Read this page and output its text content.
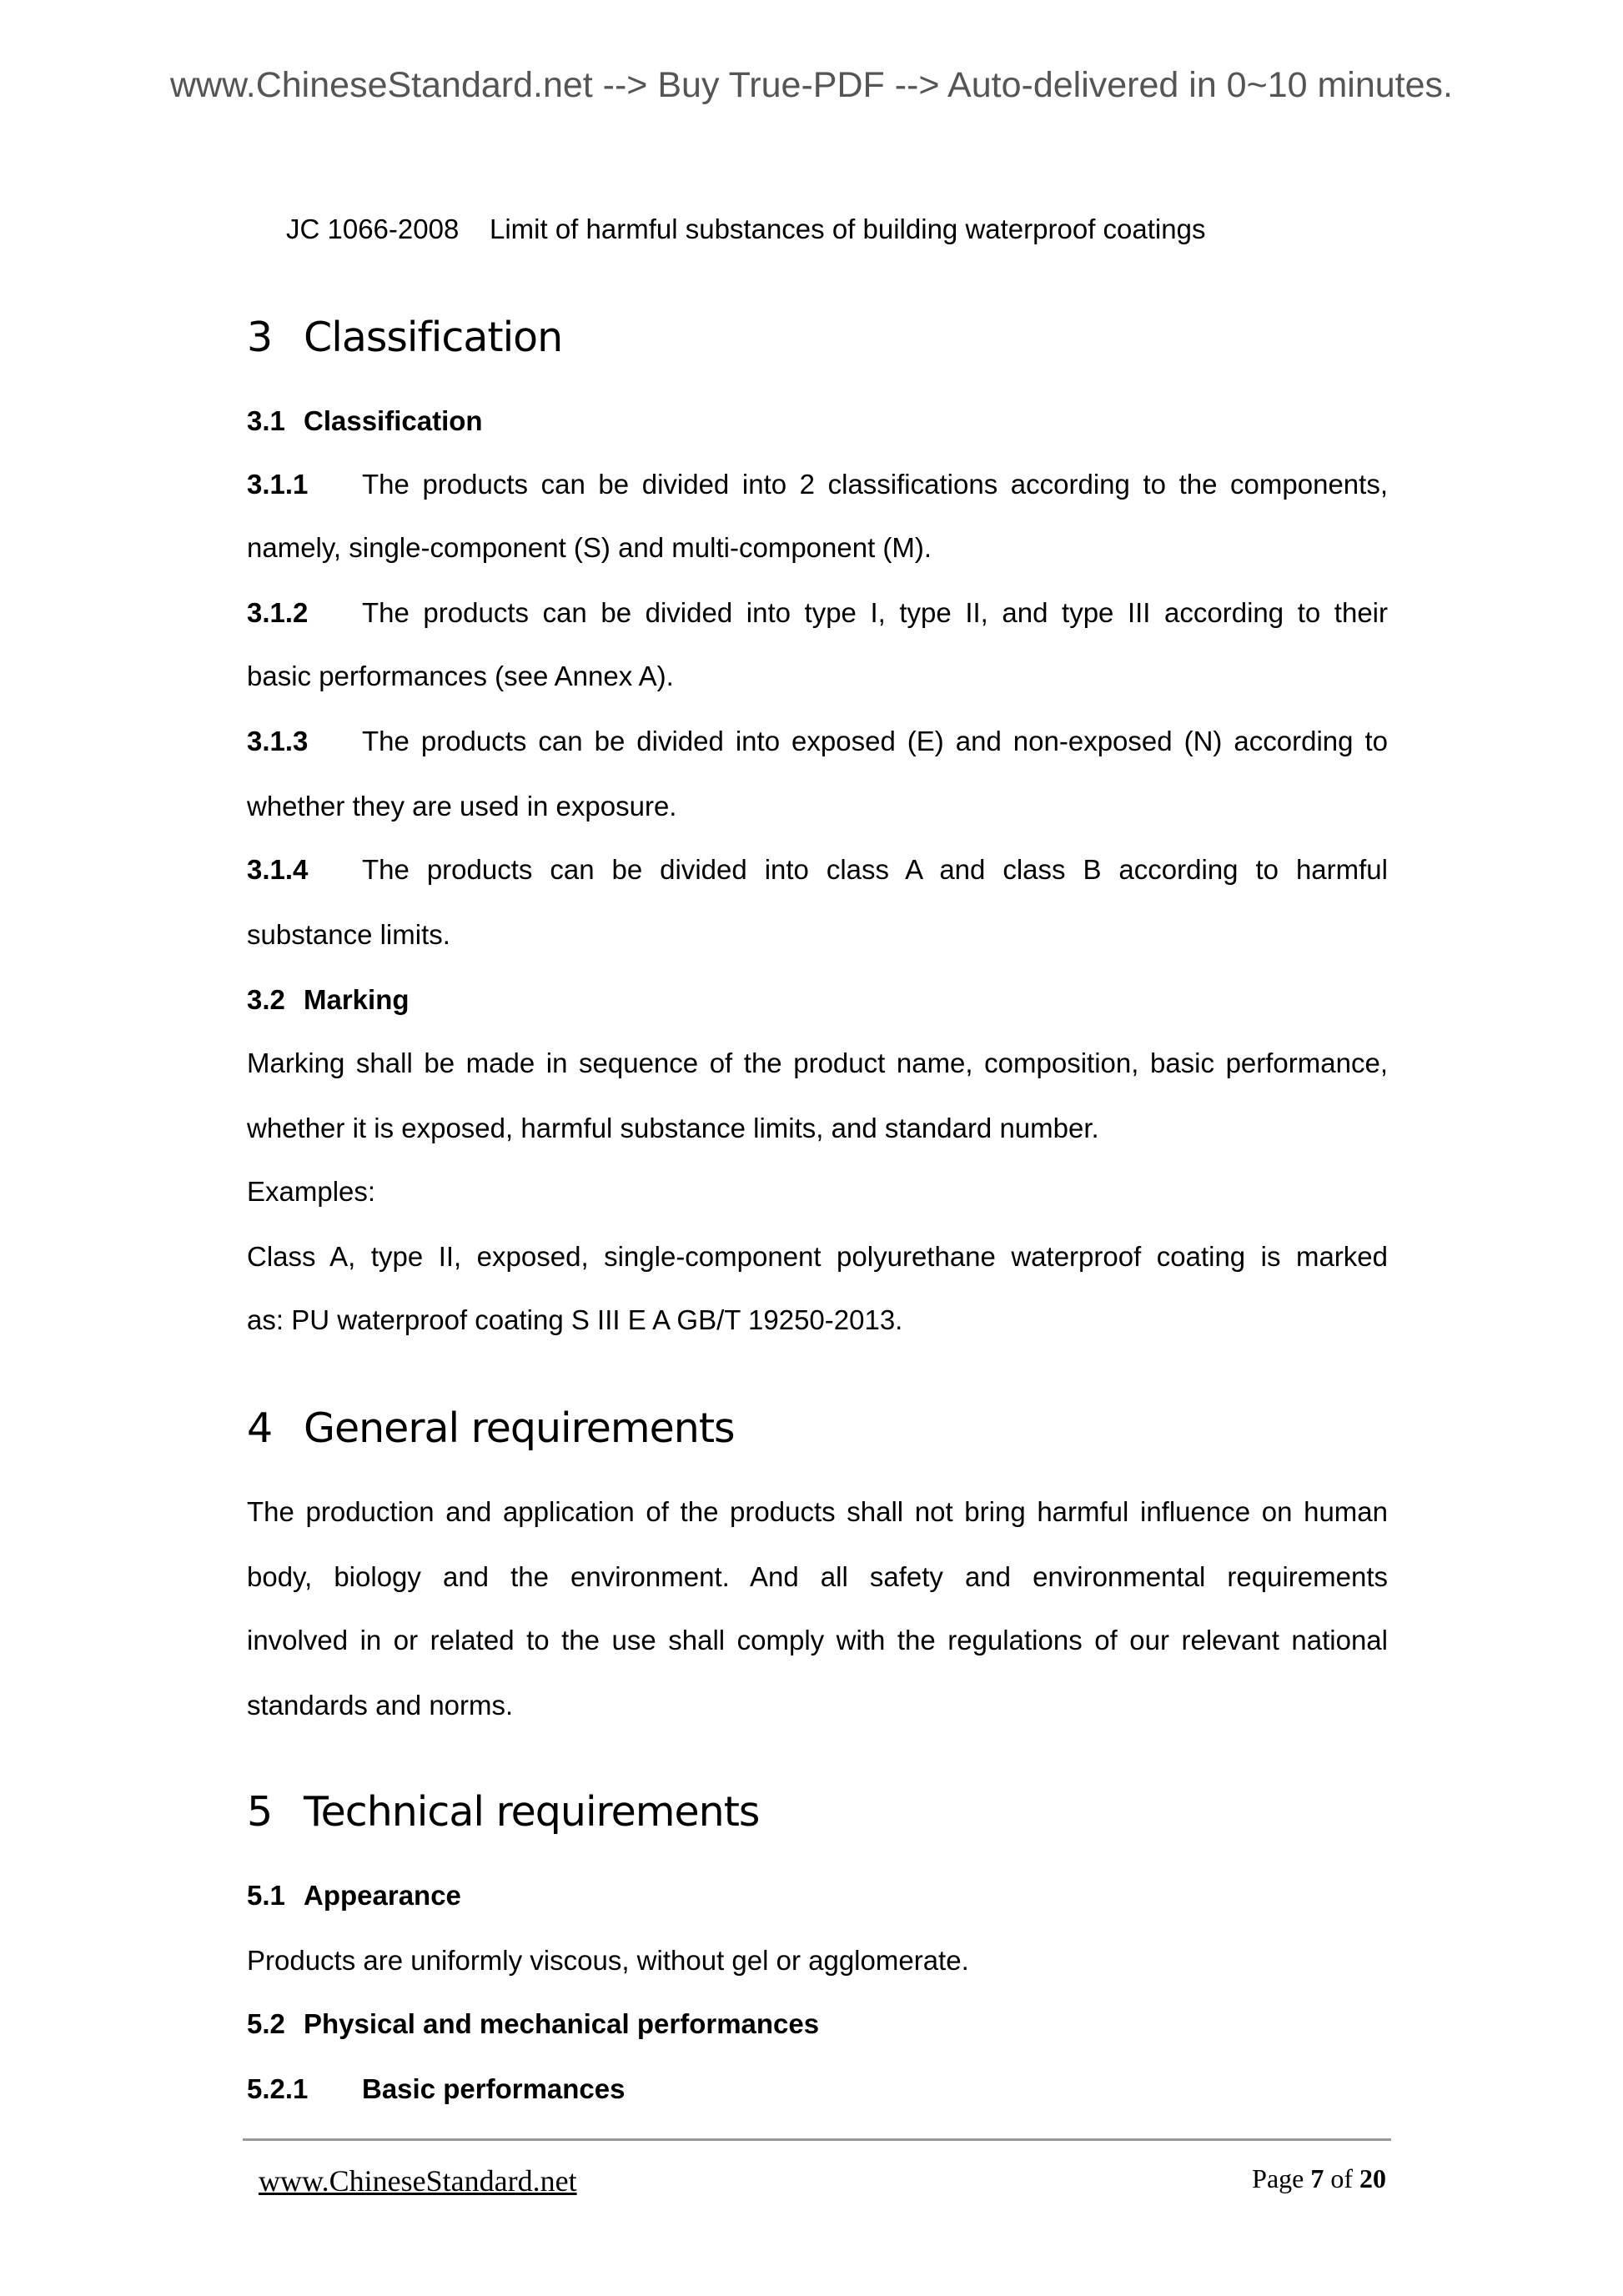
www.ChineseStandard.net --> Buy True-PDF --> Auto-delivered in 0~10 minutes.
JC 1066-2008    Limit of harmful substances of building waterproof coatings
3 Classification
3.1 Classification
3.1.1 The products can be divided into 2 classifications according to the components,
namely, single-component (S) and multi-component (M).
3.1.2 The products can be divided into type I, type II, and type III according to their
basic performances (see Annex A).
3.1.3 The products can be divided into exposed (E) and non-exposed (N) according to
whether they are used in exposure.
3.1.4 The products can be divided into class A and class B according to harmful
substance limits.
3.2 Marking
Marking shall be made in sequence of the product name, composition, basic performance,
whether it is exposed, harmful substance limits, and standard number.
Examples:
Class A, type II, exposed, single-component polyurethane waterproof coating is marked
as: PU waterproof coating S III E A GB/T 19250-2013.
4 General requirements
The production and application of the products shall not bring harmful influence on human
body, biology and the environment. And all safety and environmental requirements
involved in or related to the use shall comply with the regulations of our relevant national
standards and norms.
5 Technical requirements
5.1 Appearance
Products are uniformly viscous, without gel or agglomerate.
5.2 Physical and mechanical performances
5.2.1 Basic performances
www.ChineseStandard.net	Page 7 of 20
